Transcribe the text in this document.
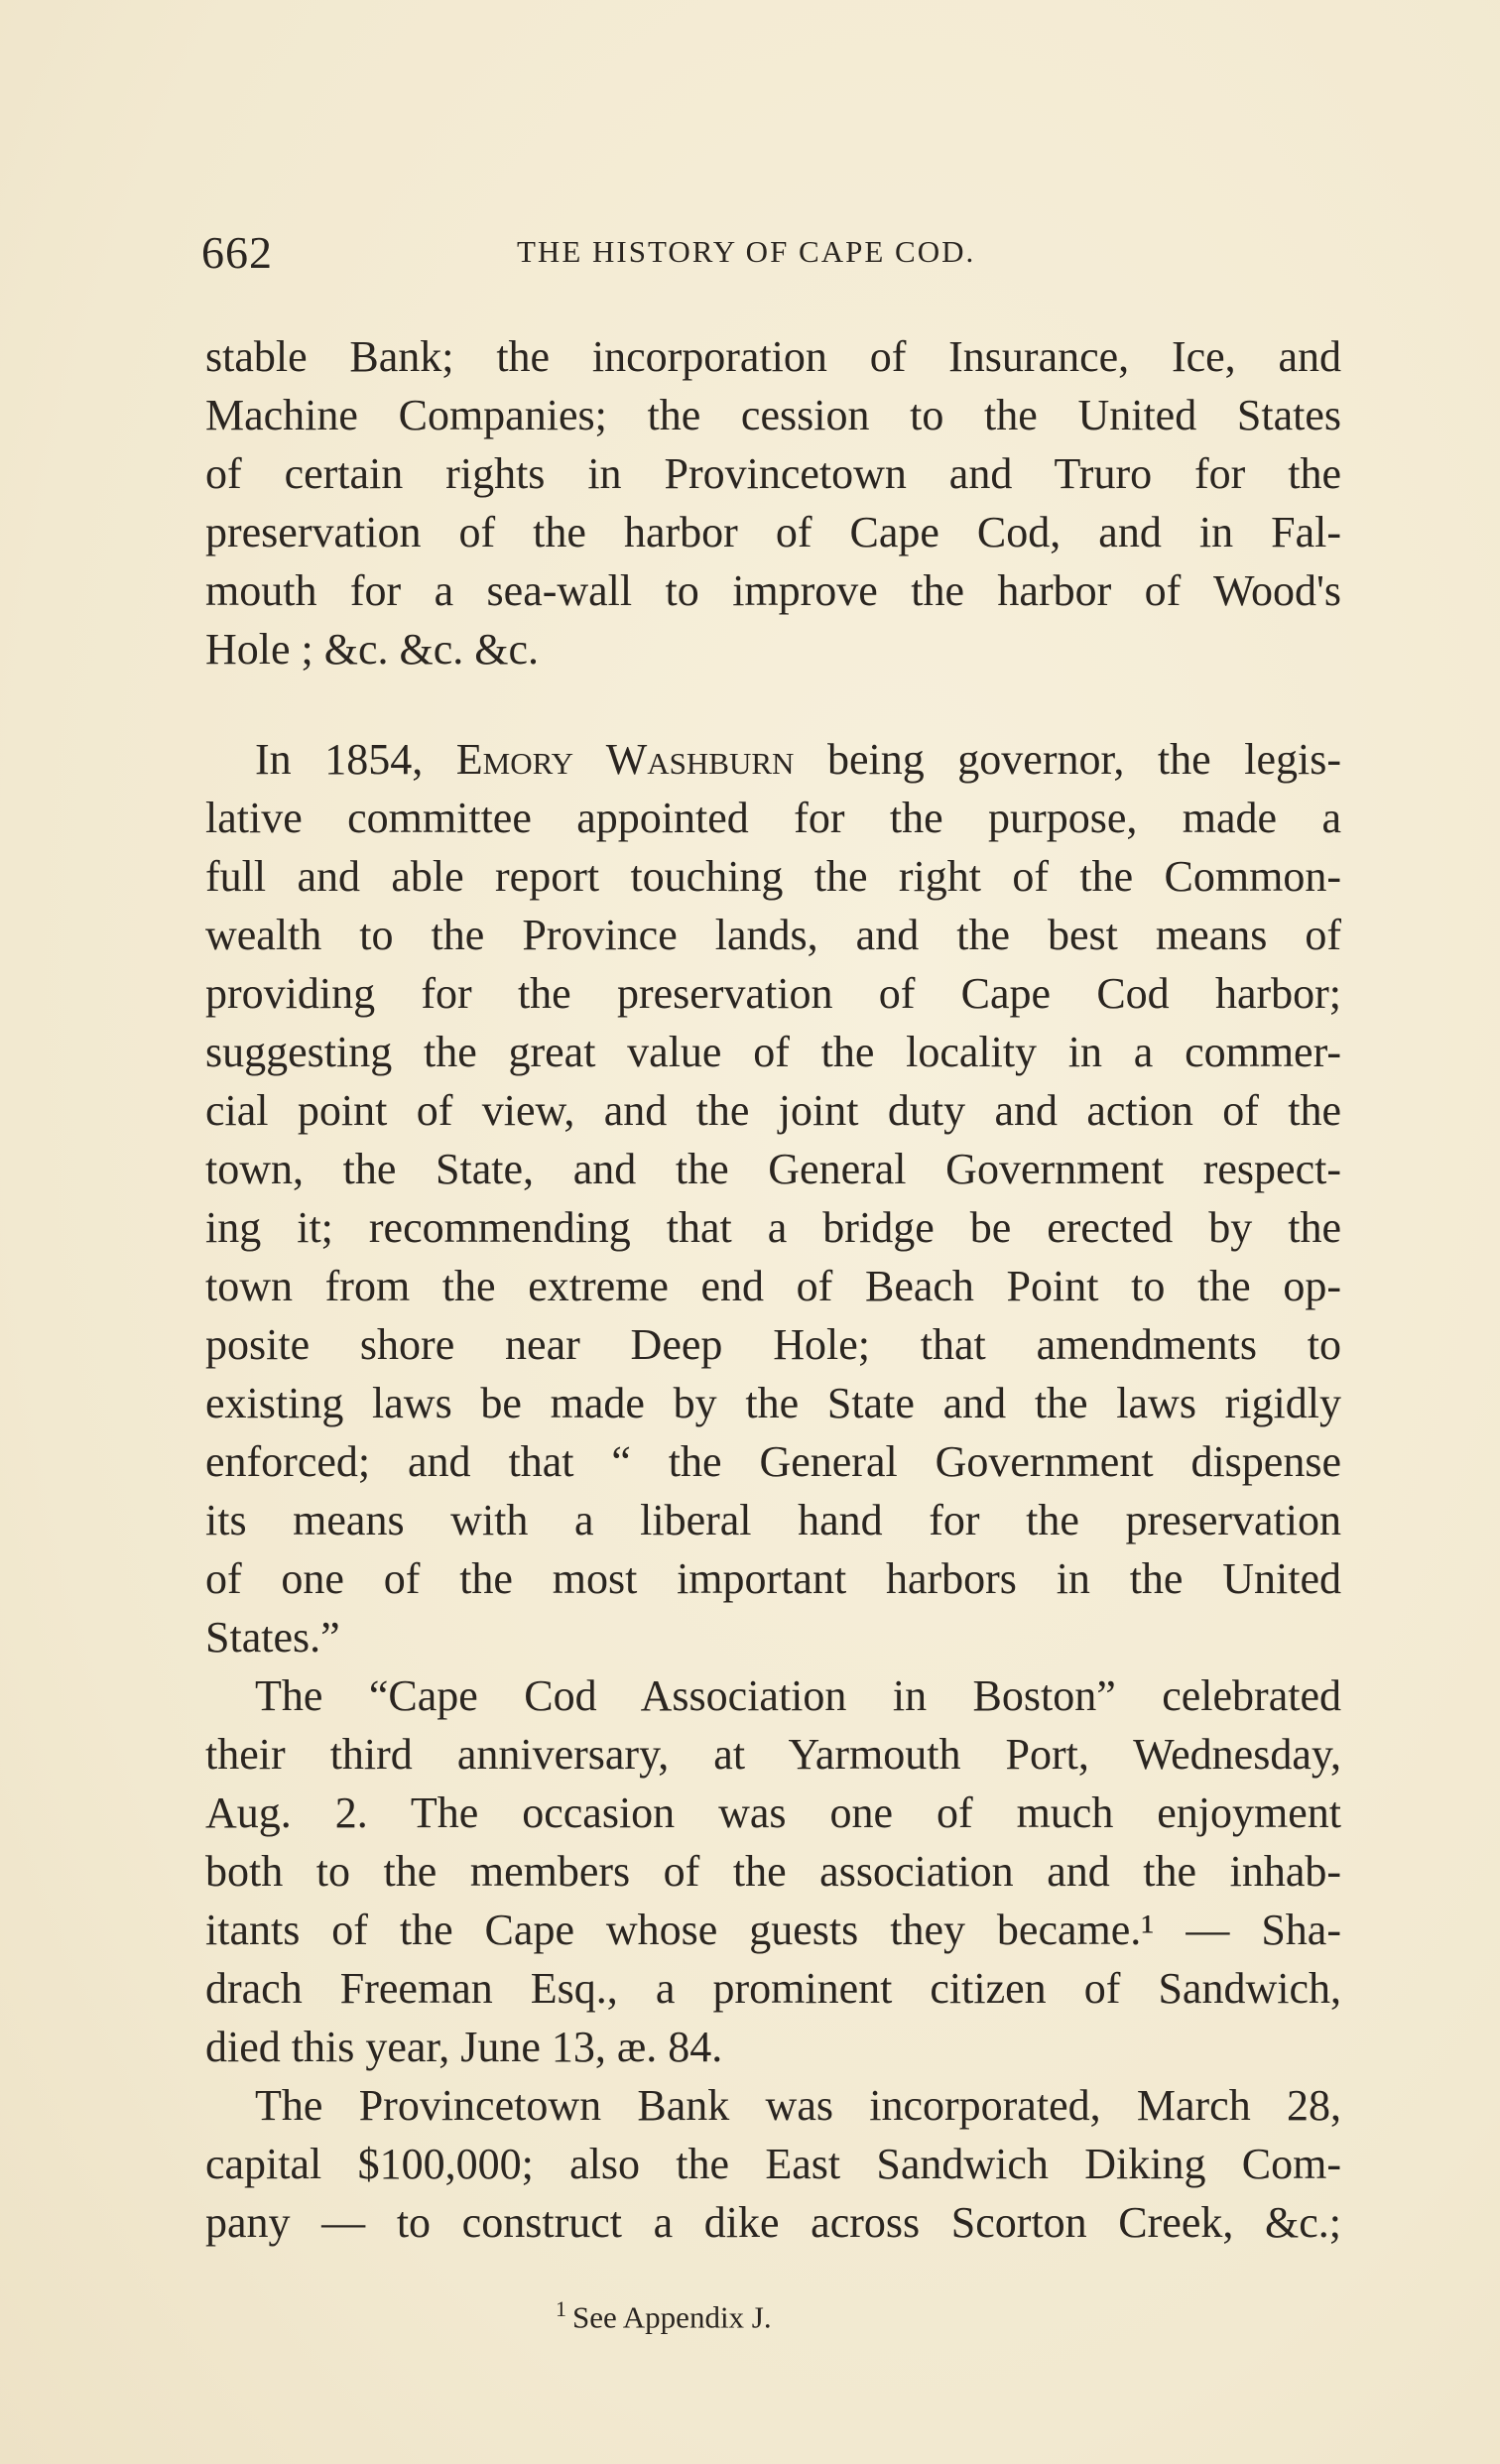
662	THE HISTORY OF CAPE COD.
stable Bank; the incorporation of Insurance, Ice, and
Machine Companies; the cession to the United States
of certain rights in Provincetown and Truro for the
preservation of the harbor of Cape Cod, and in Fal-
mouth for a sea-wall to improve the harbor of Wood's
Hole ; &c. &c. &c.
In 1854, Emory Washburn being governor, the legis-
lative committee appointed for the purpose, made a
full and able report touching the right of the Common-
wealth to the Province lands, and the best means of
providing for the preservation of Cape Cod harbor;
suggesting the great value of the locality in a commer-
cial point of view, and the joint duty and action of the
town, the State, and the General Government respect-
ing it; recommending that a bridge be erected by the
town from the extreme end of Beach Point to the op-
posite shore near Deep Hole; that amendments to
existing laws be made by the State and the laws rigidly
enforced; and that “ the General Government dispense
its means with a liberal hand for the preservation
of one of the most important harbors in the United
States.”
The “Cape Cod Association in Boston” celebrated
their third anniversary, at Yarmouth Port, Wednesday,
Aug. 2. The occasion was one of much enjoyment
both to the members of the association and the inhab-
itants of the Cape whose guests they became.¹ — Sha-
drach Freeman Esq., a prominent citizen of Sandwich,
died this year, June 13, æ. 84.
The Provincetown Bank was incorporated, March 28,
capital $100,000; also the East Sandwich Diking Com-
pany — to construct a dike across Scorton Creek, &c.;
$^1$ See Appendix J.
